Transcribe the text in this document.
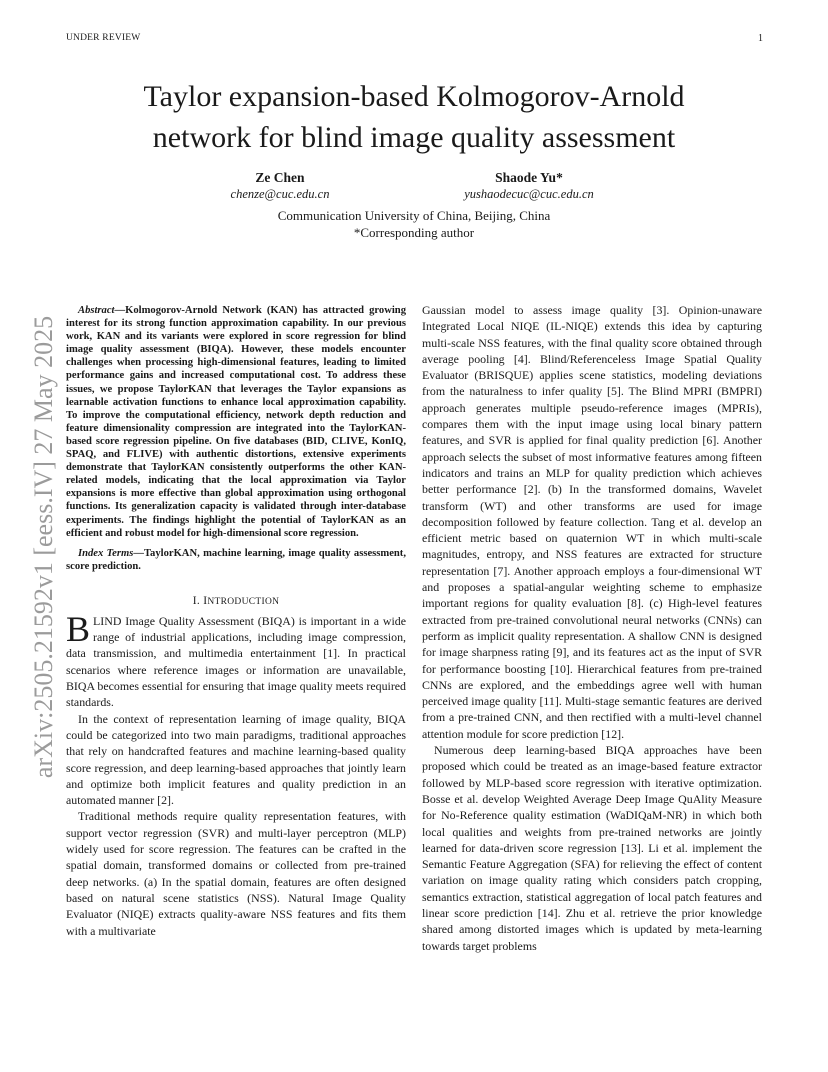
UNDER REVIEW	1
arXiv:2505.21592v1 [eess.IV] 27 May 2025
Taylor expansion-based Kolmogorov-Arnold
network for blind image quality assessment
Ze Chen
chenze@cuc.edu.cn
Shaode Yu*
yushaodecuc@cuc.edu.cn
Communication University of China, Beijing, China
*Corresponding author

Abstract—Kolmogorov-Arnold Network (KAN) has attracted growing interest for its strong function approximation capability. In our previous work, KAN and its variants were explored in score regression for blind image quality assessment (BIQA). However, these models encounter challenges when processing high-dimensional features, leading to limited performance gains and increased computational cost. To address these issues, we propose TaylorKAN that leverages the Taylor expansions as learnable activation functions to enhance local approximation capability. To improve the computational efficiency, network depth reduction and feature dimensionality compression are integrated into the TaylorKAN-based score regression pipeline. On five databases (BID, CLIVE, KonIQ, SPAQ, and FLIVE) with authentic distortions, extensive experiments demonstrate that TaylorKAN consistently outperforms the other KAN-related models, indicating that the local approximation via Taylor expansions is more effective than global approximation using orthogonal functions. Its generalization capacity is validated through inter-database experiments. The findings highlight the potential of TaylorKAN as an efficient and robust model for high-dimensional score regression.

Index Terms—TaylorKAN, machine learning, image quality assessment, score prediction.

I. INTRODUCTION

BLIND Image Quality Assessment (BIQA) is important in a wide range of industrial applications, including image compression, data transmission, and multimedia entertainment [1]. In practical scenarios where reference images or information are unavailable, BIQA becomes essential for ensuring that image quality meets required standards.

In the context of representation learning of image quality, BIQA could be categorized into two main paradigms, traditional approaches that rely on handcrafted features and machine learning-based quality score regression, and deep learning-based approaches that jointly learn and optimize both implicit features and quality prediction in an automated manner [2].

Traditional methods require quality representation features, with support vector regression (SVR) and multi-layer perceptron (MLP) widely used for score regression. The features can be crafted in the spatial domain, transformed domains or collected from pre-trained deep networks. (a) In the spatial domain, features are often designed based on natural scene statistics (NSS). Natural Image Quality Evaluator (NIQE) extracts quality-aware NSS features and fits them with a multivariate

Gaussian model to assess image quality [3]. Opinion-unaware Integrated Local NIQE (IL-NIQE) extends this idea by capturing multi-scale NSS features, with the final quality score obtained through average pooling [4]. Blind/Referenceless Image Spatial Quality Evaluator (BRISQUE) applies scene statistics, modeling deviations from the naturalness to infer quality [5]. The Blind MPRI (BMPRI) approach generates multiple pseudo-reference images (MPRIs), compares them with the input image using local binary pattern features, and SVR is applied for final quality prediction [6]. Another approach selects the subset of most informative features among fifteen indicators and trains an MLP for quality prediction which achieves better performance [2]. (b) In the transformed domains, Wavelet transform (WT) and other transforms are used for image decomposition followed by feature collection. Tang et al. develop an efficient metric based on quaternion WT in which multi-scale magnitudes, entropy, and NSS features are extracted for structure representation [7]. Another approach employs a four-dimensional WT and proposes a spatial-angular weighting scheme to emphasize important regions for quality evaluation [8]. (c) High-level features extracted from pre-trained convolutional neural networks (CNNs) can perform as implicit quality representation. A shallow CNN is designed for image sharpness rating [9], and its features act as the input of SVR for performance boosting [10]. Hierarchical features from pre-trained CNNs are explored, and the embeddings agree well with human perceived image quality [11]. Multi-stage semantic features are derived from a pre-trained CNN, and then rectified with a multi-level channel attention module for score prediction [12].

Numerous deep learning-based BIQA approaches have been proposed which could be treated as an image-based feature extractor followed by MLP-based score regression with iterative optimization. Bosse et al. develop Weighted Average Deep Image QuAlity Measure for No-Reference quality estimation (WaDIQaM-NR) in which both local qualities and weights from pre-trained networks are jointly learned for data-driven score regression [13]. Li et al. implement the Semantic Feature Aggregation (SFA) for relieving the effect of content variation on image quality rating which considers patch cropping, semantics extraction, statistical aggregation of local patch features and linear score prediction [14]. Zhu et al. retrieve the prior knowledge shared among distorted images which is updated by meta-learning towards target problems
